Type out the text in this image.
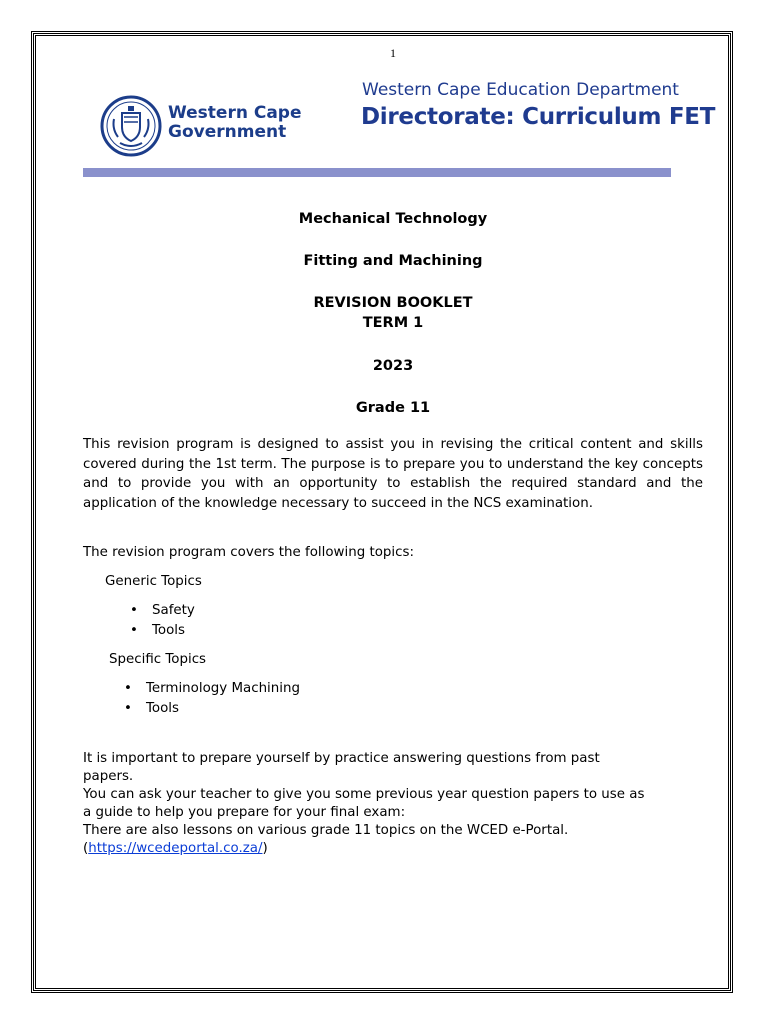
1
Western Cape
Government
Western Cape Education Department
Directorate: Curriculum FET
Mechanical Technology
Fitting and Machining
REVISION BOOKLET
TERM 1
2023
Grade 11
This revision program is designed to assist you in revising the critical content and skills covered during the 1st term. The purpose is to prepare you to understand the key concepts and to provide you with an opportunity to establish the required standard and the application of the knowledge necessary to succeed in the NCS examination.
The revision program covers the following topics:
Generic Topics
• Safety
• Tools
Specific Topics
• Terminology Machining
• Tools
It is important to prepare yourself by practice answering questions from past papers.
You can ask your teacher to give you some previous year question papers to use as a guide to help you prepare for your final exam:
There are also lessons on various grade 11 topics on the WCED e-Portal.
(https://wcedeportal.co.za/)
